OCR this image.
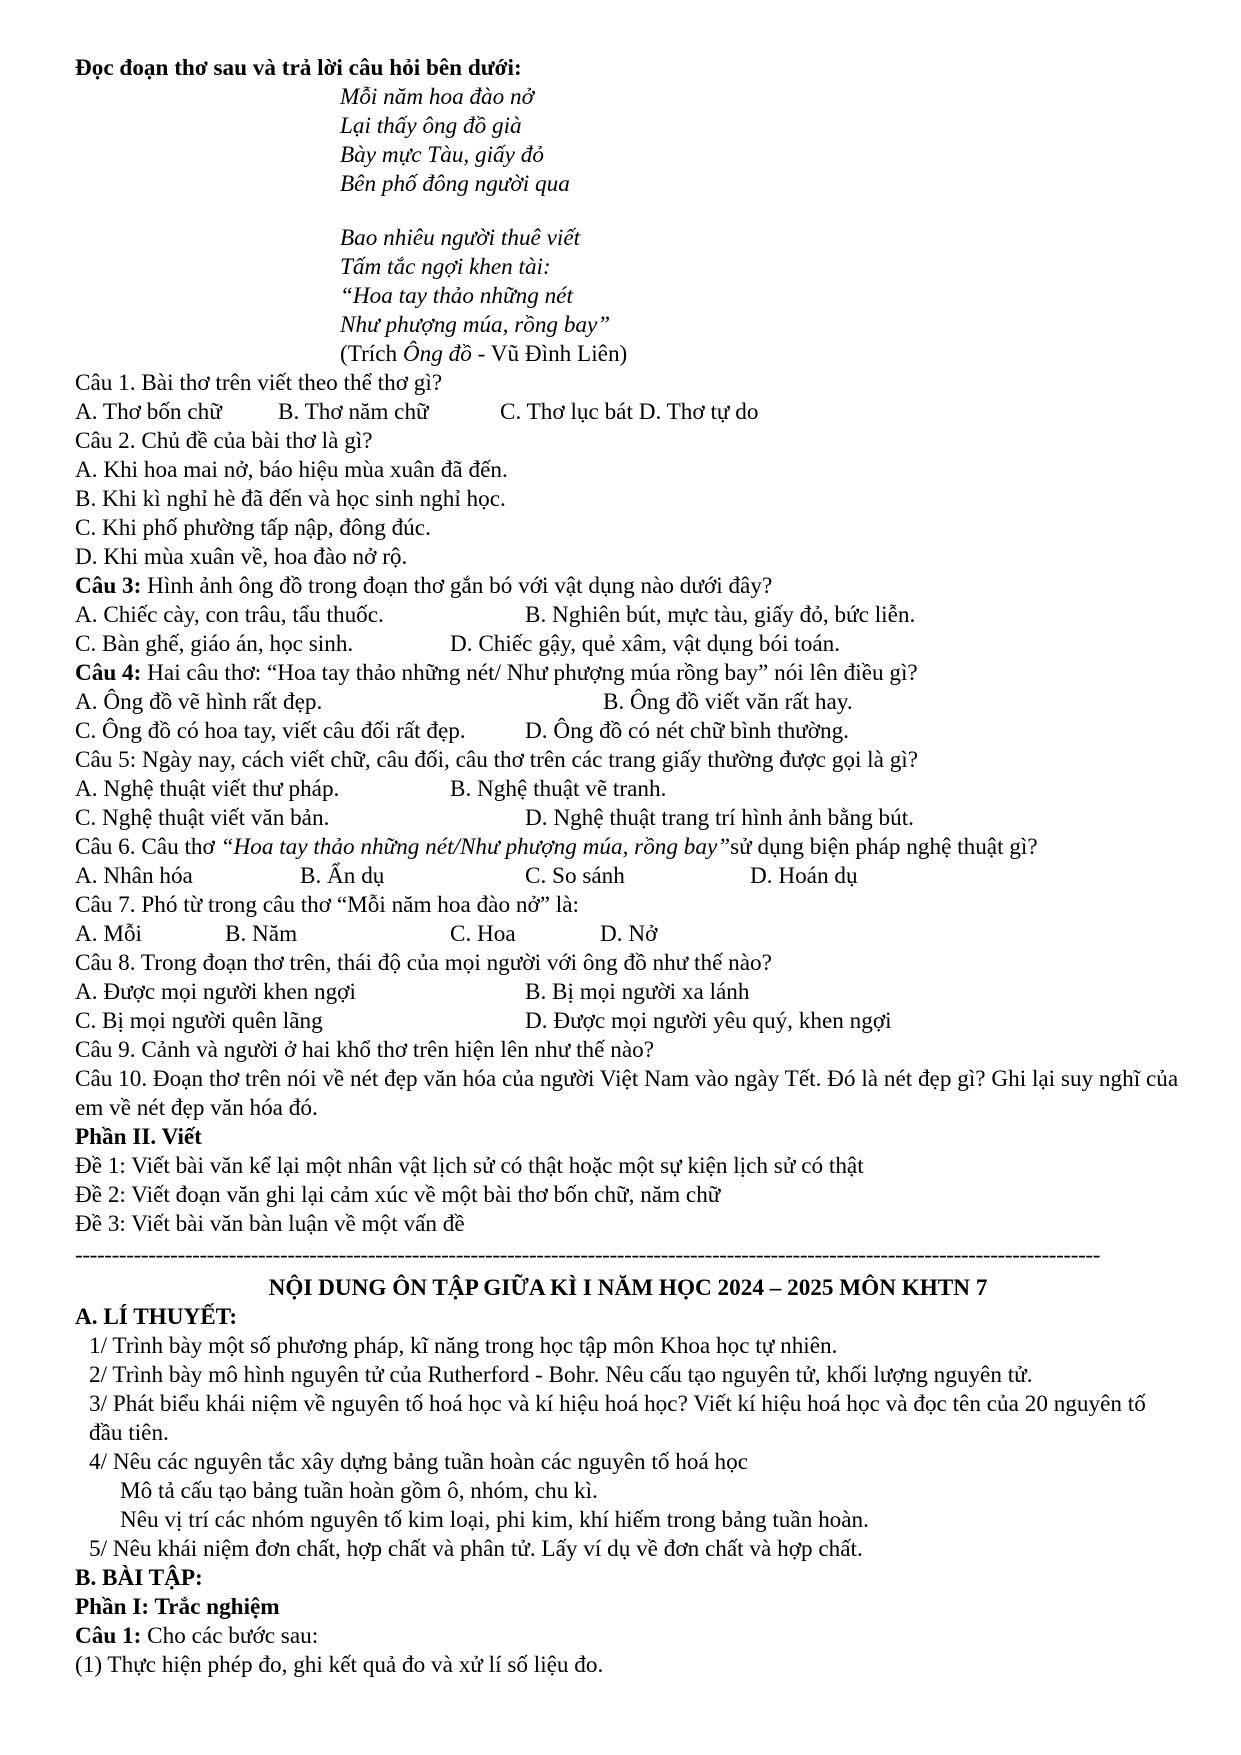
Đọc đoạn thơ sau và trả lời câu hỏi bên dưới:
Mỗi năm hoa đào nở
Lại thấy ông đồ già
Bày mực Tàu, giấy đỏ
Bên phố đông người qua
Bao nhiêu người thuê viết
Tấm tắc ngợi khen tài:
“Hoa tay thảo những nét
Như phượng múa, rồng bay”
(Trích Ông đồ - Vũ Đình Liên)
Câu 1. Bài thơ trên viết theo thể thơ gì?
A. Thơ bốn chữ	B. Thơ năm chữ	C. Thơ lục bát D. Thơ tự do
Câu 2. Chủ đề của bài thơ là gì?
A. Khi hoa mai nở, báo hiệu mùa xuân đã đến.
B. Khi kì nghỉ hè đã đến và học sinh nghỉ học.
C. Khi phố phường tấp nập, đông đúc.
D. Khi mùa xuân về, hoa đào nở rộ.
Câu 3: Hình ảnh ông đồ trong đoạn thơ gắn bó với vật dụng nào dưới đây?
A. Chiếc cày, con trâu, tẩu thuốc.	B. Nghiên bút, mực tàu, giấy đỏ, bức liễn.
C. Bàn ghế, giáo án, học sinh.	D. Chiếc gậy, quẻ xâm, vật dụng bói toán.
Câu 4: Hai câu thơ: “Hoa tay thảo những nét/ Như phượng múa rồng bay” nói lên điều gì?
A. Ông đồ vẽ hình rất đẹp.	B. Ông đồ viết văn rất hay.
C. Ông đồ có hoa tay, viết câu đối rất đẹp.	D. Ông đồ có nét chữ bình thường.
Câu 5: Ngày nay, cách viết chữ, câu đối, câu thơ trên các trang giấy thường được gọi là gì?
A. Nghệ thuật viết thư pháp.	B. Nghệ thuật vẽ tranh.
C. Nghệ thuật viết văn bản.	D. Nghệ thuật trang trí hình ảnh bằng bút.
Câu 6. Câu thơ “Hoa tay thảo những nét/Như phượng múa, rồng bay”sử dụng biện pháp nghệ thuật gì?
A. Nhân hóa	B. Ẩn dụ	C. So sánh	D. Hoán dụ
Câu 7. Phó từ trong câu thơ “Mỗi năm hoa đào nở” là:
A. Mỗi	B. Năm	C. Hoa	D. Nở
Câu 8. Trong đoạn thơ trên, thái độ của mọi người với ông đồ như thế nào?
A. Được mọi người khen ngợi	B. Bị mọi người xa lánh
C. Bị mọi người quên lãng	D. Được mọi người yêu quý, khen ngợi
Câu 9. Cảnh và người ở hai khổ thơ trên hiện lên như thế nào?
Câu 10. Đoạn thơ trên nói về nét đẹp văn hóa của người Việt Nam vào ngày Tết. Đó là nét đẹp gì? Ghi lại suy nghĩ của em về nét đẹp văn hóa đó.
Phần II. Viết
Đề 1: Viết bài văn kể lại một nhân vật lịch sử có thật hoặc một sự kiện lịch sử có thật
Đề 2: Viết đoạn văn ghi lại cảm xúc về một bài thơ bốn chữ, năm chữ
Đề 3: Viết bài văn bàn luận về một vấn đề
--------------------------------------------------------------------------------------------------------------------------------------------
NỘI DUNG ÔN TẬP GIỮA KÌ I NĂM HỌC 2024 – 2025 MÔN KHTN 7
A. LÍ THUYẾT:
1/ Trình bày một số phương pháp, kĩ năng trong học tập môn Khoa học tự nhiên.
2/ Trình bày mô hình nguyên tử của Rutherford - Bohr. Nêu cấu tạo nguyên tử, khối lượng nguyên tử.
3/ Phát biểu khái niệm về nguyên tố hoá học và kí hiệu hoá học? Viết kí hiệu hoá học và đọc tên của 20 nguyên tố đầu tiên.
4/ Nêu các nguyên tắc xây dựng bảng tuần hoàn các nguyên tố hoá học
Mô tả cấu tạo bảng tuần hoàn gồm ô, nhóm, chu kì.
Nêu vị trí các nhóm nguyên tố kim loại, phi kim, khí hiếm trong bảng tuần hoàn.
5/ Nêu khái niệm đơn chất, hợp chất và phân tử. Lấy ví dụ về đơn chất và hợp chất.
B. BÀI TẬP:
Phần I: Trắc nghiệm
Câu 1: Cho các bước sau:
(1) Thực hiện phép đo, ghi kết quả đo và xử lí số liệu đo.
